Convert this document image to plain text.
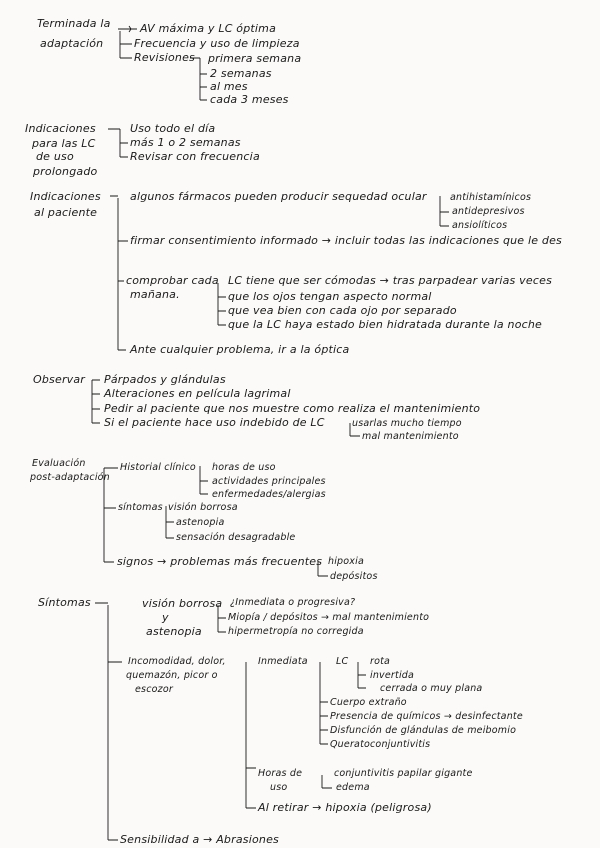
Terminada la
adaptación
AV máxima y LC óptima
Frecuencia y uso de limpieza
Revisiones primera semana
2 semanas
al mes
cada 3 meses
Indicaciones
para las LC
de uso
prolongado
Uso todo el día
más 1 o 2 semanas
Revisar con frecuencia
Indicaciones
al paciente
algunos fármacos pueden producir sequedad ocular antihistamínicos
antidepresivos
ansiolíticos
firmar consentimiento informado → incluir todas las indicaciones que le des
comprobar cada
mañana.
LC tiene que ser cómodas → tras parpadear varias veces
que los ojos tengan aspecto normal
que vea bien con cada ojo por separado
que la LC haya estado bien hidratada durante la noche
Ante cualquier problema, ir a la óptica
Observar Párpados y glándulas
Alteraciones en película lagrimal
Pedir al paciente que nos muestre como realiza el mantenimiento
Si el paciente hace uso indebido de LC	usarlas mucho tiempo
mal mantenimiento
Evaluación
post-adaptación
Historial clínico horas de uso
actividades principales
enfermedades/alergias
síntomas visión borrosa
astenopia
sensación desagradable
signos → problemas más frecuentes hipoxia
depósitos
Síntomas	visión borrosa
y
astenopia
¿Inmediata o progresiva?
Miopía / depósitos → mal mantenimiento
hipermetropía no corregida
Incomodidad, dolor,
quemazón, picor o
escozor
Inmediata	LC rota
invertida
cerrada o muy plana
Cuerpo extraño
Presencia de químicos → desinfectante
Disfunción de glándulas de meibomio
Queratoconjuntivitis
Horas de
uso
conjuntivitis papilar gigante
edema
Al retirar → hipoxia (peligrosa)
Sensibilidad a → Abrasiones
